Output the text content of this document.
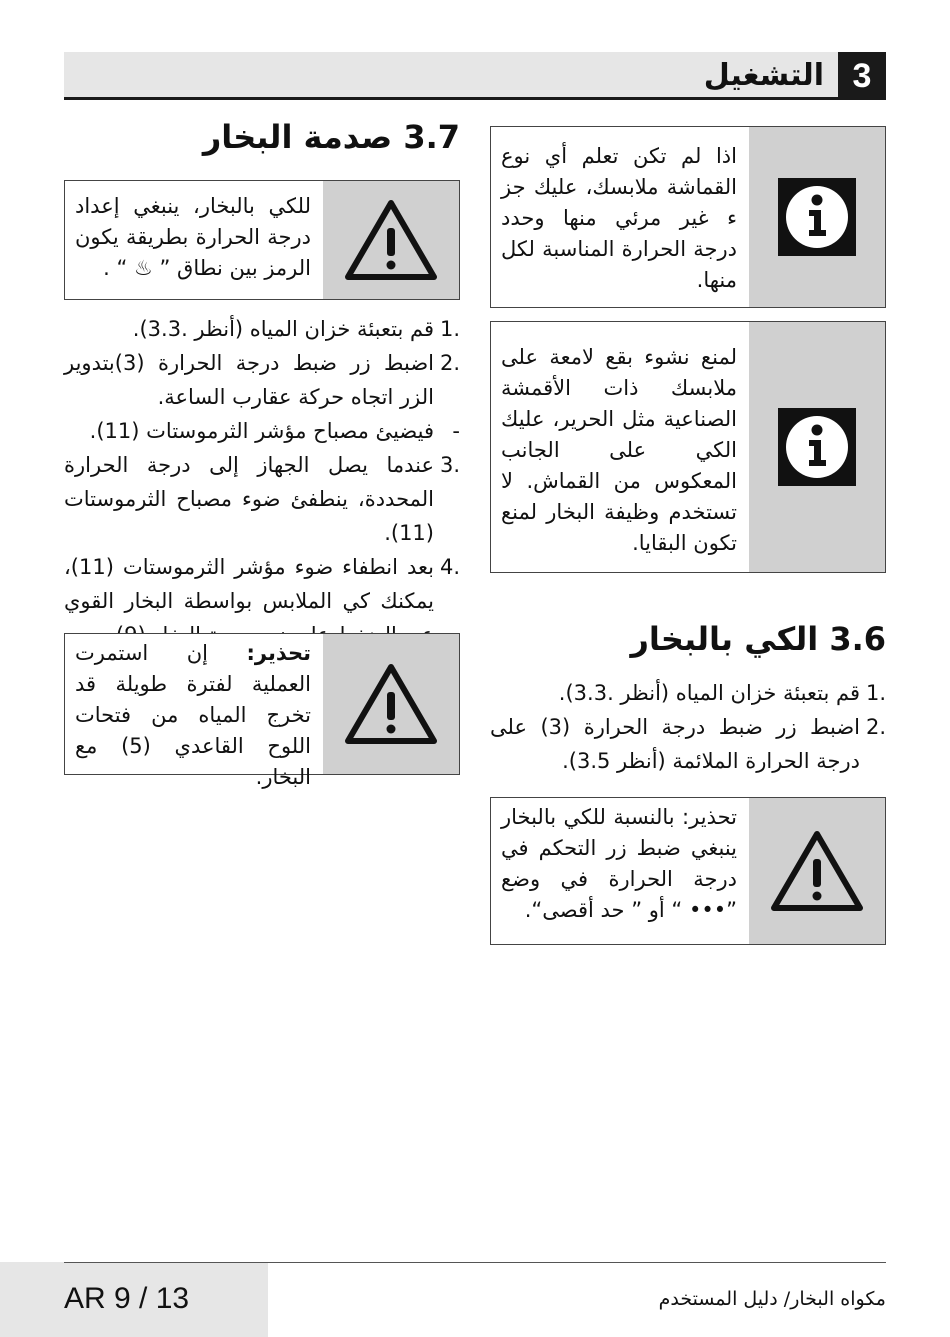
3
التشغيل
اذا لم تكن تعلم أي نوع القماشة ملابسك، عليك جز ء غير مرئي منها وحدد درجة الحرارة المناسبة لكل منها.
لمنع نشوء بقع لامعة على ملابسك ذات الأقمشة الصناعية مثل الحرير، عليك الكي على الجانب المعكوس من القماش. لا تستخدم وظيفة البخار لمنع تكون البقايا.
3.6 الكي بالبخار
.1
قم بتعبئة خزان المياه (أنظر .3.3).
.2
اضبط زر ضبط درجة الحرارة (3) على درجة الحرارة الملائمة (أنظر 3.5).
تحذير: بالنسبة للكي بالبخار ينبغي ضبط زر التحكم في درجة الحرارة في وضع ”••• “ أو ” حد أقصى“.
3.7 صدمة البخار
للكي بالبخار، ينبغي إعداد درجة الحرارة بطريقة يكون الرمز بين نطاق ” ♨ “ .
.1
قم بتعبئة خزان المياه (أنظر .3.3).
.2
اضبط زر ضبط درجة الحرارة (3)بتدوير الزر اتجاه حركة عقارب الساعة.
-
فيضيئ مصباح مؤشر الثرموستات (11).
.3
عندما يصل الجهاز إلى درجة الحرارة المحددة، ينطفئ ضوء مصباح الثرموستات (11).
.4
بعد انطفاء ضوء مؤشر الثرموستات (11)، يمكنك كي الملابس بواسطة البخار القوي
تحذير: إن استمرت العملية لفترة طويلة قد تخرج المياه من فتحات اللوح القاعدي (5) مع البخار.
AR 9 / 13	مكواه البخار/ دليل المستخدم
